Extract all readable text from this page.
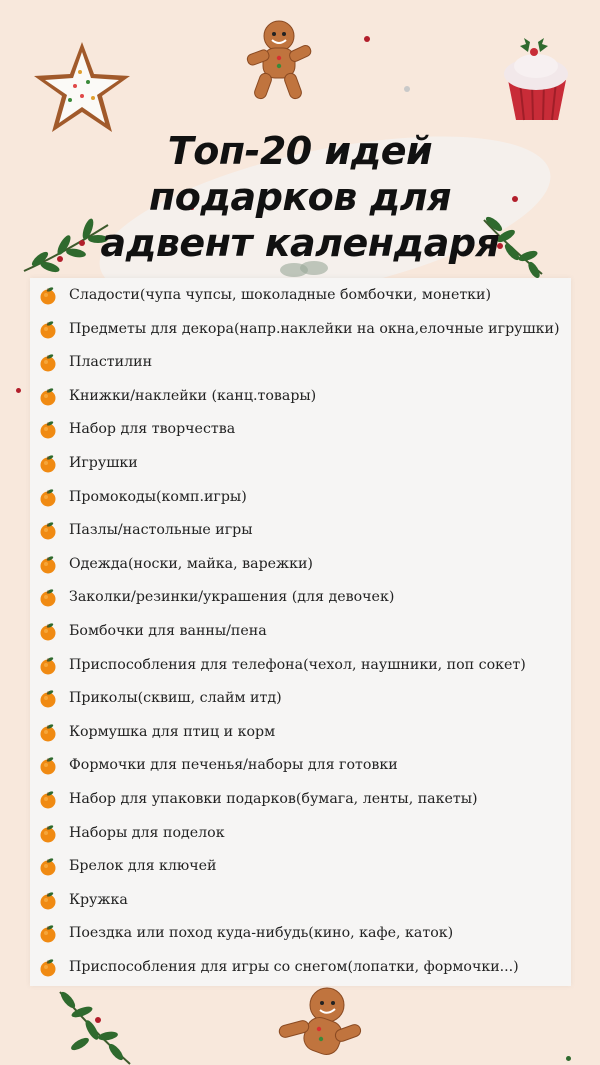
Топ-20 идей
подарков для
адвент календаря
Сладости(чупа чупсы, шоколадные бомбочки, монетки)
Предметы для декора(напр.наклейки на окна,елочные игрушки)
Пластилин
Книжки/наклейки (канц.товары)
Набор для творчества
Игрушки
Промокоды(комп.игры)
Пазлы/настольные игры
Одежда(носки, майка, варежки)
Заколки/резинки/украшения (для девочек)
Бомбочки для ванны/пена
Приспособления для телефона(чехол, наушники, поп сокет)
Приколы(сквиш, слайм итд)
Кормушка для птиц и корм
Формочки для печенья/наборы для готовки
Набор для упаковки подарков(бумага, ленты, пакеты)
Наборы для поделок
Брелок для ключей
Кружка
Поездка или поход куда-нибудь(кино, кафе, каток)
Приспособления для игры со снегом(лопатки, формочки...)
